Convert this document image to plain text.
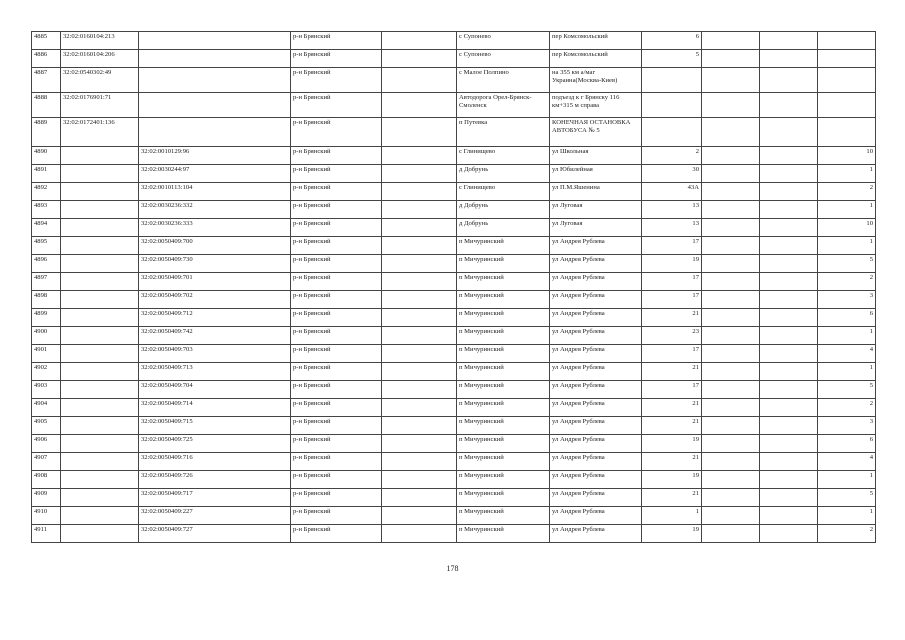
4885	32:02:0160104:213		р-н Брянский		с Супонево	пер Комсомольский	6			
4886	32:02:0160104:206		р-н Брянский		с Супонево	пер Комсомольский	5			
4887	32:02:0540302:49		р-н Брянский		с Малое Полпино	на 355 км а/маг Украина(Москва-Киев)				
4888	32:02:0176901:71		р-н Брянский		Автодорога Орел-Брянск-Смоленск	подъезд к г Брянску 116 км+315 м справа				
4889	32:02:0172401:136		р-н Брянский		п Путевка	КОНЕЧНАЯ ОСТАНОВКА АВТОБУСА № 5				
4890		32:02:0010129:96	р-н Брянский		с Глинищево	ул Школьная	2			10
4891		32:02:0030244:97	р-н Брянский		д Добрунь	ул Юбилейная	30			1
4892		32:02:0010113:104	р-н Брянский		с Глинищево	ул П.М.Яшенина	43А			2
4893		32:02:0030236:332	р-н Брянский		д Добрунь	ул Луговая	13			1
4894		32:02:0030236:333	р-н Брянский		д Добрунь	ул Луговая	13			10
4895		32:02:0050409:700	р-н Брянский		п Мичуринский	ул Андрея Рублева	17			1
4896		32:02:0050409:730	р-н Брянский		п Мичуринский	ул Андрея Рублева	19			5
4897		32:02:0050409:701	р-н Брянский		п Мичуринский	ул Андрея Рублева	17			2
4898		32:02:0050409:702	р-н Брянский		п Мичуринский	ул Андрея Рублева	17			3
4899		32:02:0050409:712	р-н Брянский		п Мичуринский	ул Андрея Рублева	21			6
4900		32:02:0050409:742	р-н Брянский		п Мичуринский	ул Андрея Рублева	23			1
4901		32:02:0050409:703	р-н Брянский		п Мичуринский	ул Андрея Рублева	17			4
4902		32:02:0050409:713	р-н Брянский		п Мичуринский	ул Андрея Рублева	21			1
4903		32:02:0050409:704	р-н Брянский		п Мичуринский	ул Андрея Рублева	17			5
4904		32:02:0050409:714	р-н Брянский		п Мичуринский	ул Андрея Рублева	21			2
4905		32:02:0050409:715	р-н Брянский		п Мичуринский	ул Андрея Рублева	21			3
4906		32:02:0050409:725	р-н Брянский		п Мичуринский	ул Андрея Рублева	19			6
4907		32:02:0050409:716	р-н Брянский		п Мичуринский	ул Андрея Рублева	21			4
4908		32:02:0050409:726	р-н Брянский		п Мичуринский	ул Андрея Рублева	19			1
4909		32:02:0050409:717	р-н Брянский		п Мичуринский	ул Андрея Рублева	21			5
4910		32:02:0050409:227	р-н Брянский		п Мичуринский	ул Андрея Рублева	1			1
4911		32:02:0050409:727	р-н Брянский		п Мичуринский	ул Андрея Рублева	19			2
178
